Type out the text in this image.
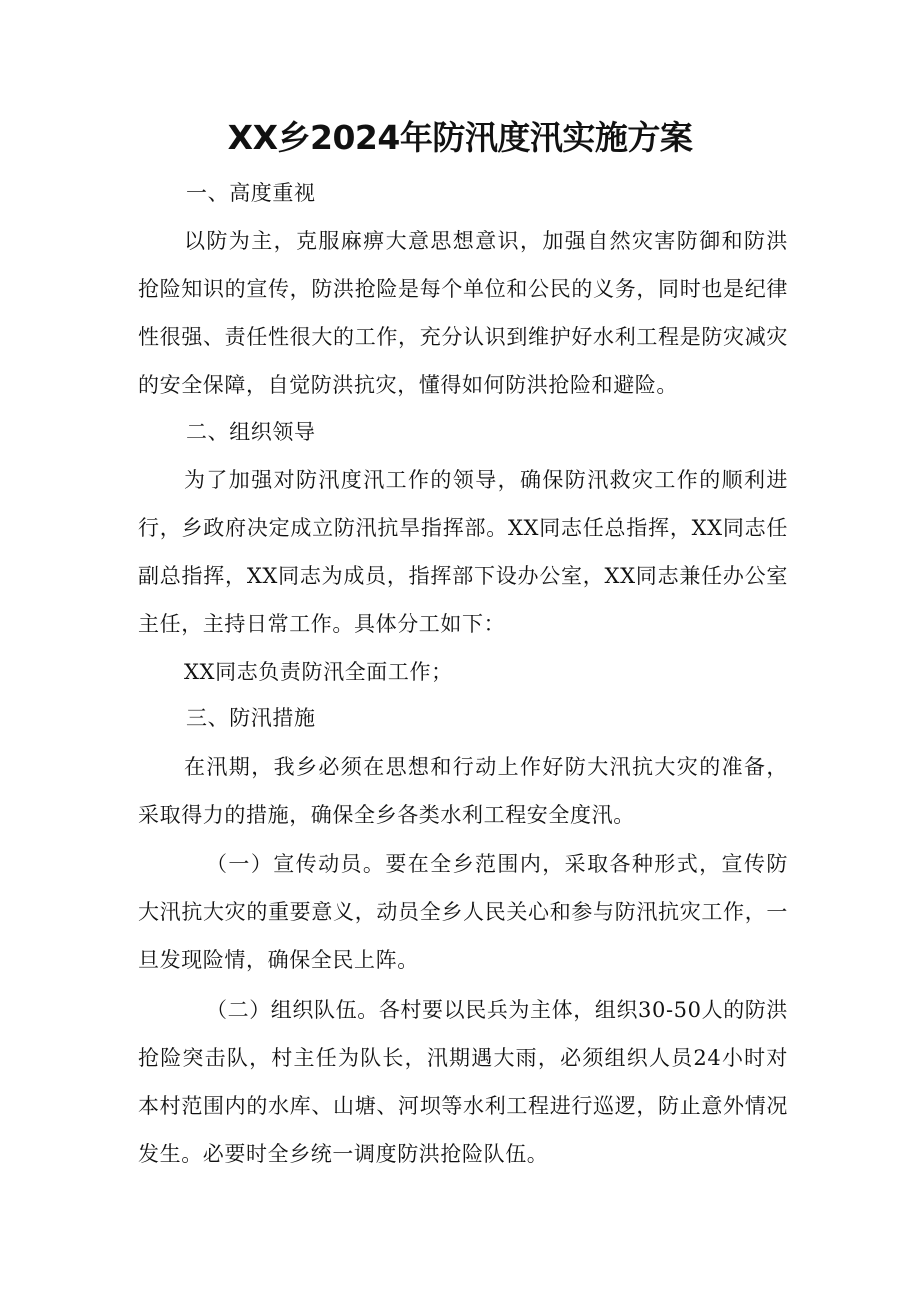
XX乡2024年防汛度汛实施方案
一、高度重视

以防为主，克服麻痹大意思想意识，加强自然灾害防御和防洪抢险知识的宣传，防洪抢险是每个单位和公民的义务，同时也是纪律性很强、责任性很大的工作，充分认识到维护好水利工程是防灾减灾的安全保障，自觉防洪抗灾，懂得如何防洪抢险和避险。

二、组织领导

为了加强对防汛度汛工作的领导，确保防汛救灾工作的顺利进行，乡政府决定成立防汛抗旱指挥部。XX同志任总指挥，XX同志任副总指挥，XX同志为成员，指挥部下设办公室，XX同志兼任办公室主任，主持日常工作。具体分工如下：

XX同志负责防汛全面工作；

三、防汛措施

在汛期，我乡必须在思想和行动上作好防大汛抗大灾的准备，采取得力的措施，确保全乡各类水利工程安全度汛。

（一）宣传动员。要在全乡范围内，采取各种形式，宣传防大汛抗大灾的重要意义，动员全乡人民关心和参与防汛抗灾工作，一旦发现险情，确保全民上阵。

（二）组织队伍。各村要以民兵为主体，组织30-50人的防洪抢险突击队，村主任为队长，汛期遇大雨，必须组织人员24小时对本村范围内的水库、山塘、河坝等水利工程进行巡逻，防止意外情况发生。必要时全乡统一调度防洪抢险队伍。
